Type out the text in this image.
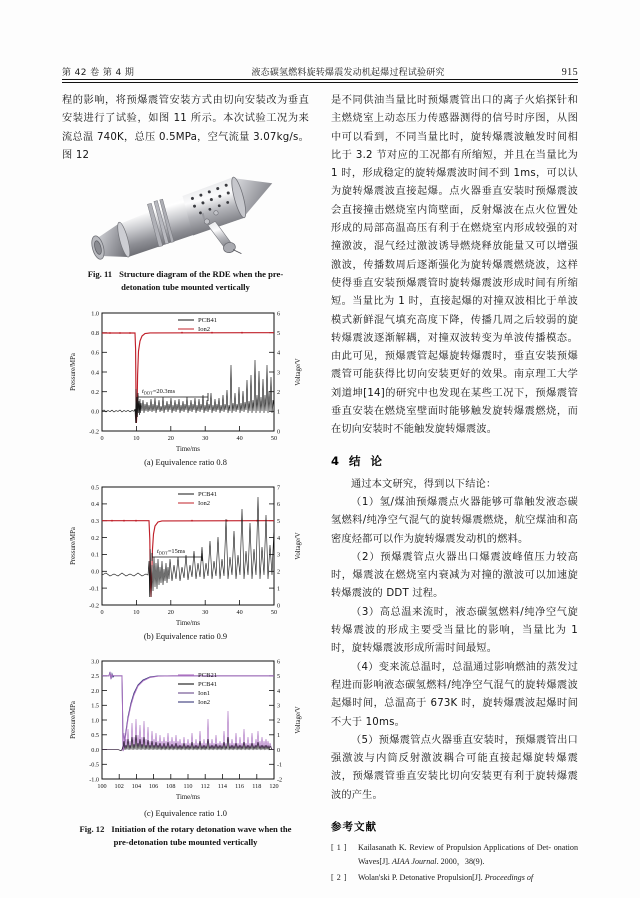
第 42 卷 第 4 期	液态碳氢燃料旋转爆震发动机起爆过程试验研究	915

程的影响，将预爆震管安装方式由切向安装改为垂直安装进行了试验，如图 11 所示。本次试验工况为来流总温 740K，总压 0.5MPa，空气流量 3.07kg/s。图 12

Fig. 11 Structure diagram of the RDE when the pre-
detonation tube mounted vertically
-0.2
0.0
0.2
0.4
0.6
0.8
1.0
0
1
2
3
4
5
6
0	10	20	30	40	50
Time/ms
Pressure/MPa	Voltage/V
$t_{DDT}=20.3ms$
PCB41
Ion2
(a) Equivalence ratio 0.8
-0.2
-0.1
0.0
0.1
0.2
0.3
0.4
0.5
0
1
2
3
4
5
6
7
0	10	20	30	40	50
Time/ms
Pressure/MPa	Voltage/V
$t_{DDT}=15ms$
PCB41
Ion2
(b) Equivalence ratio 0.9
-1.0
-0.5
0.0
0.5
1.0
1.5
2.0
2.5
3.0
-2
-1
0
1
2
3
4
5
6
100 102 104 106 108 110 112 114 116 118 120
Time/ms
Pressure/MPa	Voltage/V
PCB21
PCB41
Ion1
Ion2
(c) Equivalence ratio 1.0
Fig. 12 Initiation of the rotary detonation wave when the
pre-detonation tube mounted vertically

是不同供油当量比时预爆震管出口的离子火焰探针和主燃烧室上动态压力传感器测得的信号时序图，从图中可以看到，不同当量比时，旋转爆震波触发时间相比于 3.2 节对应的工况都有所缩短，并且在当量比为 1 时，形成稳定的旋转爆震波时间不到 1ms，可以认为旋转爆震波直接起爆。点火器垂直安装时预爆震波会直接撞击燃烧室内筒壁面，反射爆波在点火位置处形成的局部高温高压有利于在燃烧室内形成较强的对撞激波，混气经过激波诱导燃烧释放能量又可以增强激波，传播数周后逐渐强化为旋转爆震燃烧波，这样使得垂直安装预爆震管时旋转爆震波形成时间有所缩短。当量比为 1 时，直接起爆的对撞双波相比于单波模式新鲜混气填充高度下降，传播几周之后较弱的旋转爆震波逐渐解耦，对撞双波转变为单波传播模态。由此可见，预爆震管起爆旋转爆震时，垂直安装预爆震管可能获得比切向安装更好的效果。南京理工大学刘道坤[14]的研究中也发现在某些工况下，预爆震管垂直安装在燃烧室壁面时能够触发旋转爆震燃烧，而在切向安装时不能触发旋转爆震波。

4 结 论

通过本文研究，得到以下结论：

（1）氢/煤油预爆震点火器能够可靠触发液态碳氢燃料/纯净空气混气的旋转爆震燃烧，航空煤油和高密度烃都可以作为旋转爆震发动机的燃料。

（2）预爆震管点火器出口爆震波峰值压力较高时，爆震波在燃烧室内衰减为对撞的激波可以加速旋转爆震波的 DDT 过程。

（3）高总温来流时，液态碳氢燃料/纯净空气旋转爆震波的形成主要受当量比的影响，当量比为 1 时，旋转爆震波形成所需时间最短。

（4）变来流总温时，总温通过影响燃油的蒸发过程进而影响液态碳氢燃料/纯净空气混气的旋转爆震波起爆时间，总温高于 673K 时，旋转爆震波起爆时间不大于 10ms。

（5）预爆震管点火器垂直安装时，预爆震管出口强激波与内筒反射激波耦合可能直接起爆旋转爆震波，预爆震管垂直安装比切向安装更有利于旋转爆震波的产生。

参考文献
[ 1 ]	Kailasanath K. Review of Propulsion Applications of Det- onation Waves[J]. AIAA Journal. 2000，38(9).
[ 2 ]	Wolan'ski P. Detonative Propulsion[J]. Proceedings of
